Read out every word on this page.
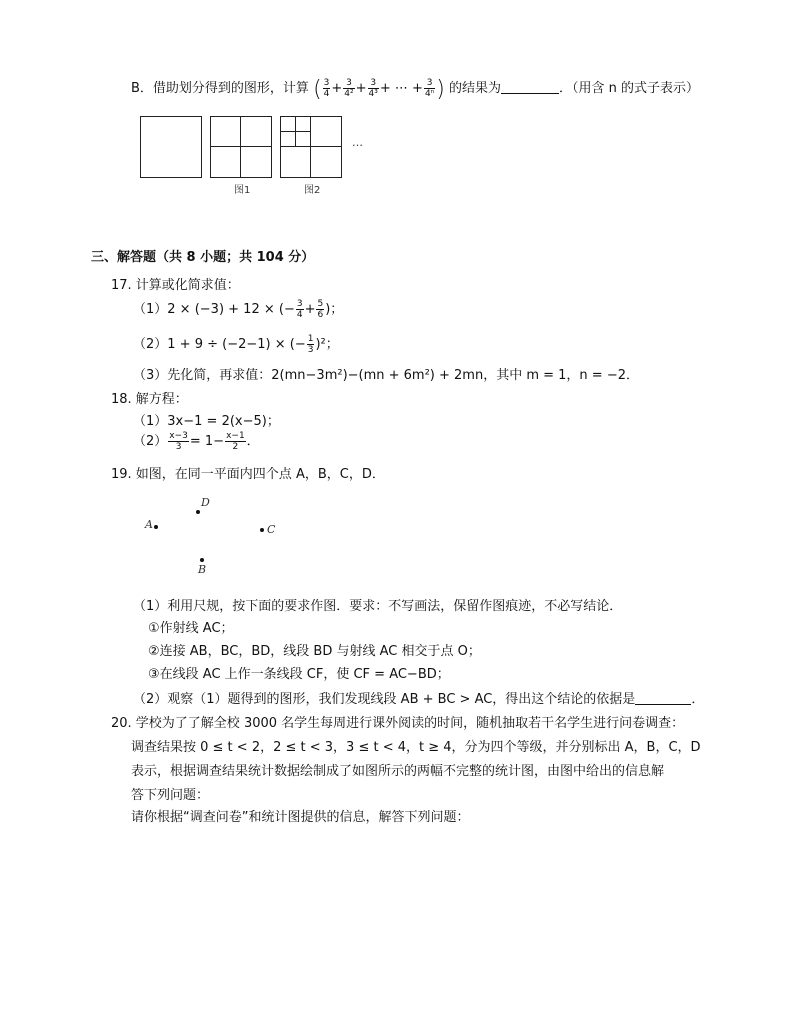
B．借助划分得到的图形，计算 ( $\frac{3}{4} + \frac{3}{\text{4²}} + \frac{3}{\text{4³}}$ + ⋯ + $\frac{3}{\text{4ⁿ}}$ ) 的结果为	．（用含 n 的式子表示）
图1	图2
…
三、解答题（共 8 小题；共 104 分）
17. 计算或化简求值：
（1）2 × (−3) + 12 × (− $\frac{3}{4} + \frac{5}{6}$ )；
（2）1 + 9 ÷ (−2−1) × (− $\frac{1}{3} )^2$；
（3）先化简，再求值：2(mn−3m²)−(mn + 6m²) + 2mn，其中 m = 1，n = −2．
18. 解方程：
（1）3x−1 = 2(x−5)；
$(2) \frac{x-3}{3} = 1- \frac{x-1}{2}$ ．
19. 如图，在同一平面内四个点 A，B，C，D．
A
D
C
B
（1）利用尺规，按下面的要求作图．要求：不写画法，保留作图痕迹，不必写结论．
①作射线 AC；
②连接 AB，BC，BD，线段 BD 与射线 AC 相交于点 O；
③在线段 AC 上作一条线段 CF，使 CF = AC−BD；
（2）观察（1）题得到的图形，我们发现线段 AB + BC > AC，得出这个结论的依据是	．
20. 学校为了了解全校 3000 名学生每周进行课外阅读的时间，随机抽取若干名学生进行问卷调查：
调查结果按 0 ≤ t < 2，2 ≤ t < 3，3 ≤ t < 4，t ≥ 4，分为四个等级，并分别标出 A，B，C，D
表示，根据调查结果统计数据绘制成了如图所示的两幅不完整的统计图，由图中给出的信息解
答下列问题：
请你根据“调查问卷”和统计图提供的信息，解答下列问题：
